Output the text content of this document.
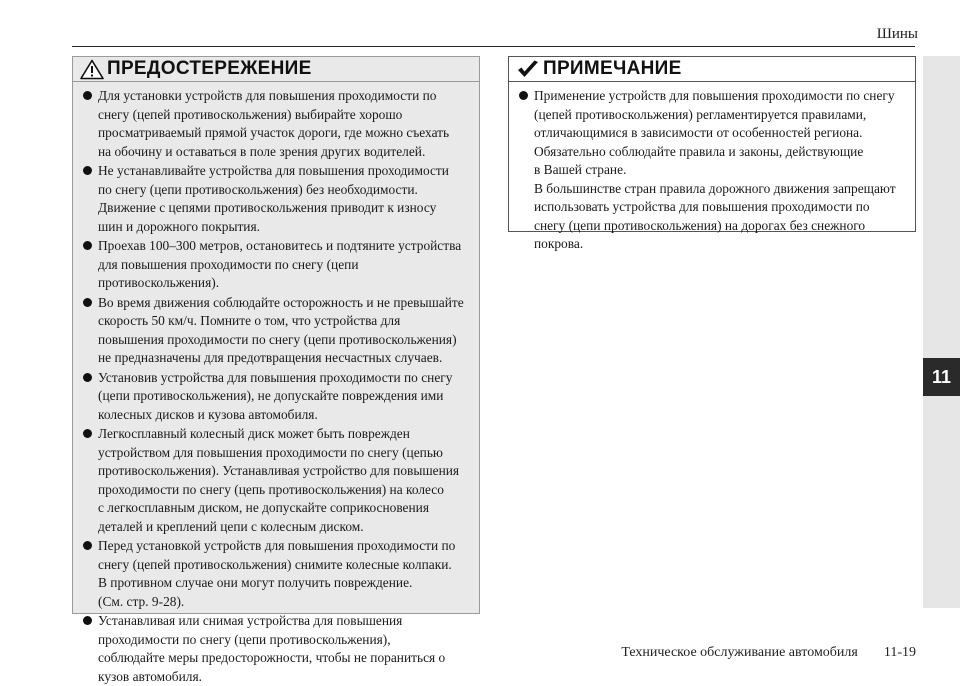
Шины
11
ПРЕДОСТЕРЕЖЕНИЕ
Для установки устройств для повышения проходимости по
снегу (цепей противоскольжения) выбирайте хорошо
просматриваемый прямой участок дороги, где можно съехать
на обочину и оставаться в поле зрения других водителей.
Не устанавливайте устройства для повышения проходимости
по снегу (цепи противоскольжения) без необходимости.
Движение с цепями противоскольжения приводит к износу
шин и дорожного покрытия.
Проехав 100–300 метров, остановитесь и подтяните устройства
для повышения проходимости по снегу (цепи
противоскольжения).
Во время движения соблюдайте осторожность и не превышайте
скорость 50 км/ч. Помните о том, что устройства для
повышения проходимости по снегу (цепи противоскольжения)
не предназначены для предотвращения несчастных случаев.
Установив устройства для повышения проходимости по снегу
(цепи противоскольжения), не допускайте повреждения ими
колесных дисков и кузова автомобиля.
Легкосплавный колесный диск может быть поврежден
устройством для повышения проходимости по снегу (цепью
противоскольжения). Устанавливая устройство для повышения
проходимости по снегу (цепь противоскольжения) на колесо
с легкосплавным диском, не допускайте соприкосновения
деталей и креплений цепи с колесным диском.
Перед установкой устройств для повышения проходимости по
снегу (цепей противоскольжения) снимите колесные колпаки.
В противном случае они могут получить повреждение.
(См. стр. 9-28).
Устанавливая или снимая устройства для повышения
проходимости по снегу (цепи противоскольжения),
соблюдайте меры предосторожности, чтобы не пораниться о
кузов автомобиля.
ПРИМЕЧАНИЕ
Применение устройств для повышения проходимости по снегу
(цепей противоскольжения) регламентируется правилами,
отличающимися в зависимости от особенностей региона.
Обязательно соблюдайте правила и законы, действующие
в Вашей стране.
В большинстве стран правила дорожного движения запрещают
использовать устройства для повышения проходимости по
снегу (цепи противоскольжения) на дорогах без снежного
покрова.
Техническое обслуживание автомобиля 11-19
